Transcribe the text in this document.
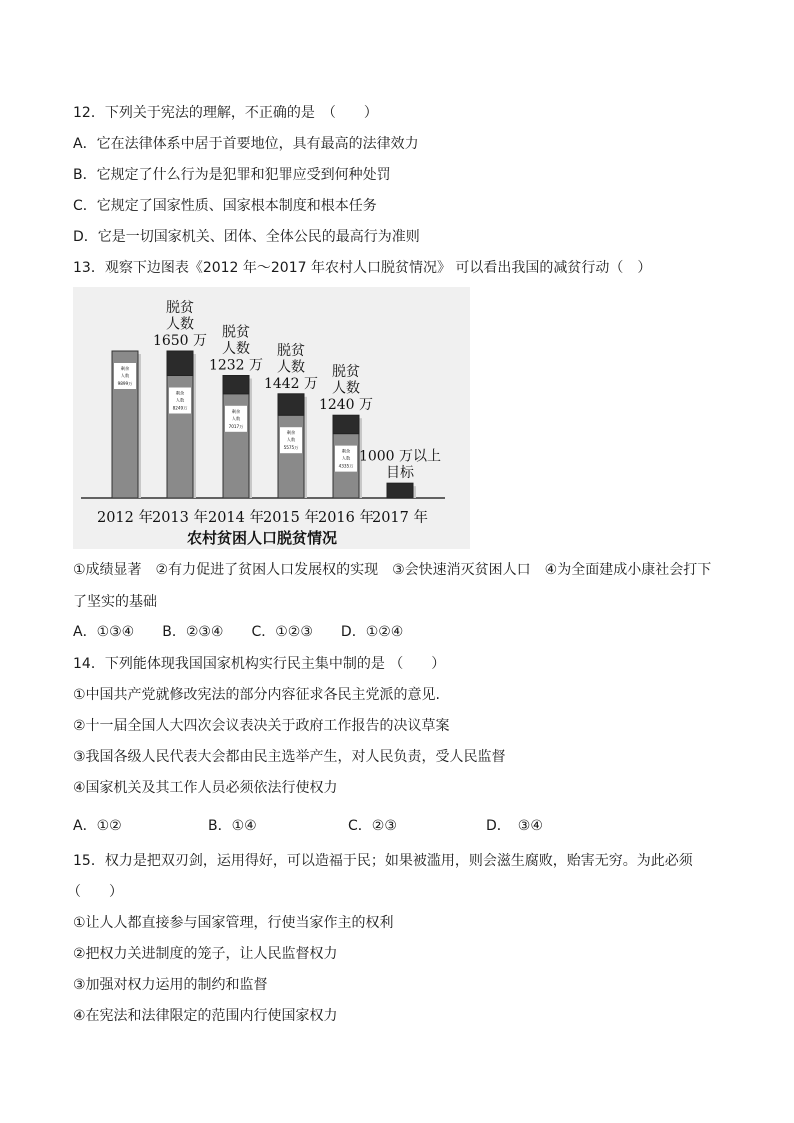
12．下列关于宪法的理解，不正确的是　（　　）
A．它在法律体系中居于首要地位，具有最高的法律效力
B．它规定了什么行为是犯罪和犯罪应受到何种处罚
C．它规定了国家性质、国家根本制度和根本任务
D．它是一切国家机关、团体、全体公民的最高行为准则
13．观察下边图表《2012 年～2017 年农村人口脱贫情况》 可以看出我国的减贫行动（　）
剩余
人数
9899万
2012 年
剩余
人数
8249万
脱贫
人数
1650 万
2013 年
剩余
人数
7017万
脱贫
人数
1232 万
2014 年
剩余
人数
5575万
脱贫
人数
1442 万
2015 年
剩余
人数
4335万
脱贫
人数
1240 万
2016 年
1000 万以上
目标
2017 年
农村贫困人口脱贫情况
①成绩显著　②有力促进了贫困人口发展权的实现　③会快速消灭贫困人口　④为全面建成小康社会打下
了坚实的基础
A．①③④　　B．②③④　　C．①②③　　D．①②④
14．下列能体现我国国家机构实行民主集中制的是 （　　）
①中国共产党就修改宪法的部分内容征求各民主党派的意见.
②十一届全国人大四次会议表决关于政府工作报告的决议草案
③我国各级人民代表大会都由民主选举产生，对人民负责，受人民监督
④国家机关及其工作人员必须依法行使权力
A．①②	B．①④	C．②③	D．　③④
15．权力是把双刃剑，运用得好，可以造福于民；如果被滥用，则会滋生腐败，贻害无穷。为此必须
（　　）
①让人人都直接参与国家管理，行使当家作主的权利
②把权力关进制度的笼子，让人民监督权力
③加强对权力运用的制约和监督
④在宪法和法律限定的范围内行使国家权力
